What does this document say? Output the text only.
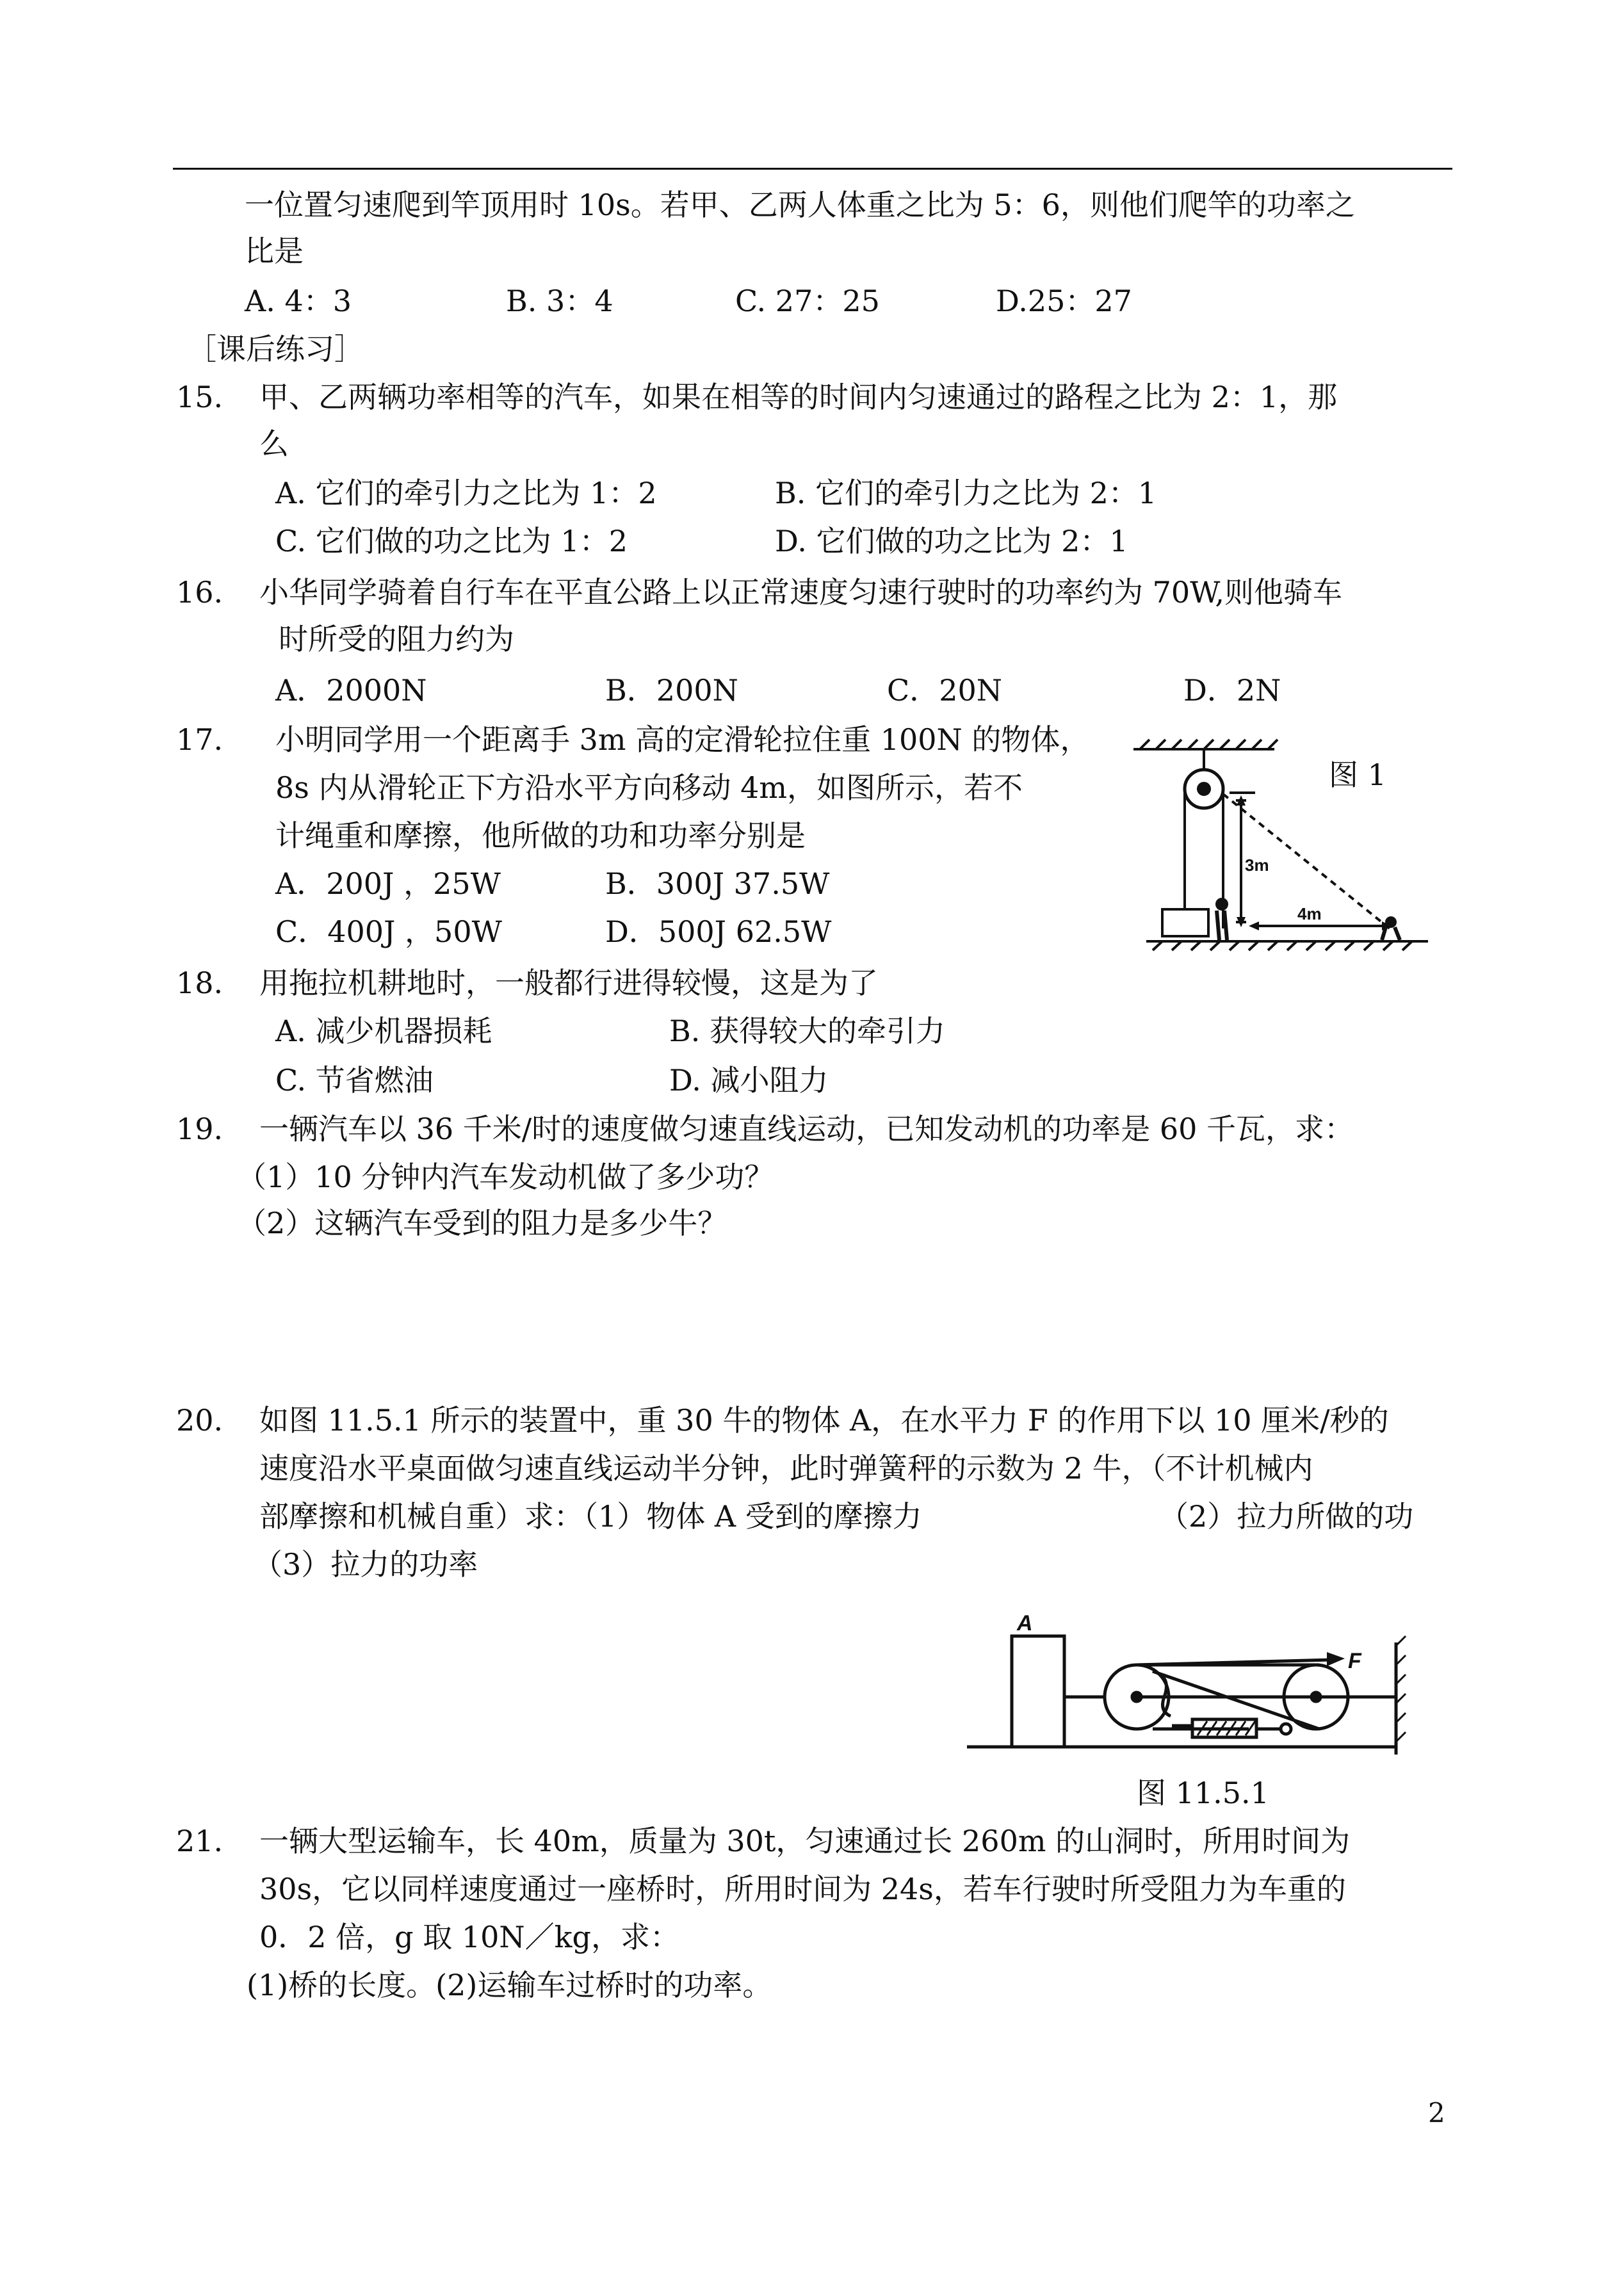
一位置匀速爬到竿顶用时 10s。若甲、乙两人体重之比为 5：6，则他们爬竿的功率之
比是
A. 4：3	B. 3：4	C. 27：25	D.25：27
［课后练习］
15. 甲、乙两辆功率相等的汽车，如果在相等的时间内匀速通过的路程之比为 2：1，那
么
A. 它们的牵引力之比为 1：2	B. 它们的牵引力之比为 2：1
C. 它们做的功之比为 1：2	D. 它们做的功之比为 2：1
16. 小华同学骑着自行车在平直公路上以正常速度匀速行驶时的功率约为 70W,则他骑车
时所受的阻力约为
A．2000N	B．200N	C．20N	D．2N
17. 小明同学用一个距离手 3m 高的定滑轮拉住重 100N 的物体，
8s 内从滑轮正下方沿水平方向移动 4m，如图所示，若不
计绳重和摩擦，他所做的功和功率分别是
A．200J ，25W	B．300J 37.5W
C．400J ，50W	D．500J 62.5W
3m
4m
图 1
18. 用拖拉机耕地时，一般都行进得较慢，这是为了
A. 减少机器损耗	B. 获得较大的牵引力
C. 节省燃油	D. 减小阻力
19. 一辆汽车以 36 千米/时的速度做匀速直线运动，已知发动机的功率是 60 千瓦，求：
（1）10 分钟内汽车发动机做了多少功？
（2）这辆汽车受到的阻力是多少牛？
20. 如图 11.5.1 所示的装置中，重 30 牛的物体 A，在水平力 F 的作用下以 10 厘米/秒的
速度沿水平桌面做匀速直线运动半分钟，此时弹簧秤的示数为 2 牛，（不计机械内
部摩擦和机械自重）求：（1）物体 A 受到的摩擦力	（2）拉力所做的功
（3）拉力的功率
A
F
图 11.5.1
21. 一辆大型运输车，长 40m，质量为 30t，匀速通过长 260m 的山洞时，所用时间为
30s，它以同样速度通过一座桥时，所用时间为 24s，若车行驶时所受阻力为车重的
0．2 倍，g 取 10N／kg，求：
(1)桥的长度。(2)运输车过桥时的功率。
2
